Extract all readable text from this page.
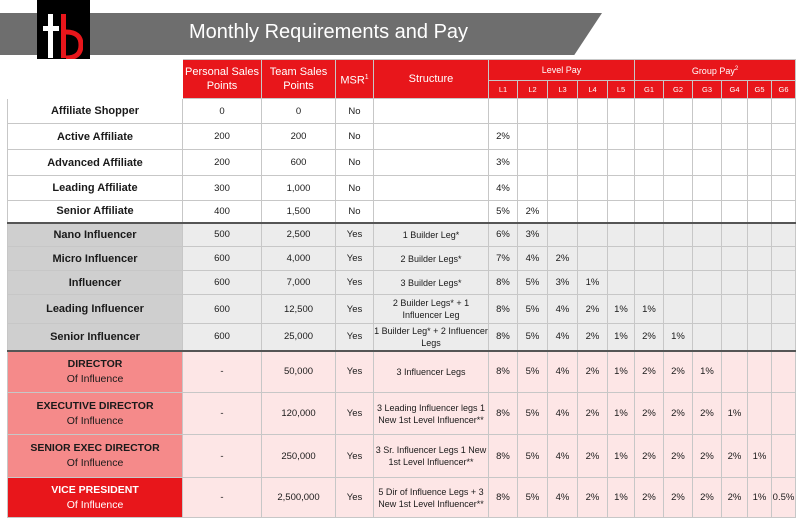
Monthly Requirements and Pay
	Personal Sales Points	Team Sales Points	MSR$^1$	Structure	Level Pay					Group Pay$^2$
					L1	L2	L3	L4	L5	G1	G2	G3	G4	G5	G6

Affiliate Shopper	0	0	No												

Active Affiliate	200	200	No		2%										

Advanced Affiliate	200	600	No		3%										

Leading Affiliate	300	1,000	No		4%										

Senior Affiliate	400	1,500	No		5%	2%									

Nano Influencer	500	2,500	Yes	1 Builder Leg*	6%	3%									

Micro Influencer	600	4,000	Yes	2 Builder Legs*	7%	4%	2%								

Influencer	600	7,000	Yes	3 Builder Legs*	8%	5%	3%	1%							

Leading Influencer	600	12,500	Yes	2 Builder Legs* + 1 Influencer Leg	8%	5%	4%	2%	1%	1%					

Senior Influencer	600	25,000	Yes	1 Builder Leg* + 2 Influencer Legs	8%	5%	4%	2%	1%	2%	1%				

DIRECTOR
Of Influence	-	50,000	Yes	3 Influencer Legs	8%	5%	4%	2%	1%	2%	2%	1%			

EXECUTIVE DIRECTOR
Of Influence	-	120,000	Yes	3 Leading Influencer legs 1 New 1st Level Influencer**	8%	5%	4%	2%	1%	2%	2%	2%	1%		

SENIOR EXEC DIRECTOR
Of Influence	-	250,000	Yes	3 Sr. Influencer Legs 1 New 1st Level Influencer**	8%	5%	4%	2%	1%	2%	2%	2%	2%	1%	

VICE PRESIDENT
Of Influence	-	2,500,000	Yes	5 Dir of Influence Legs + 3 New 1st Level Influencer**	8%	5%	4%	2%	1%	2%	2%	2%	2%	1%	0.5%
